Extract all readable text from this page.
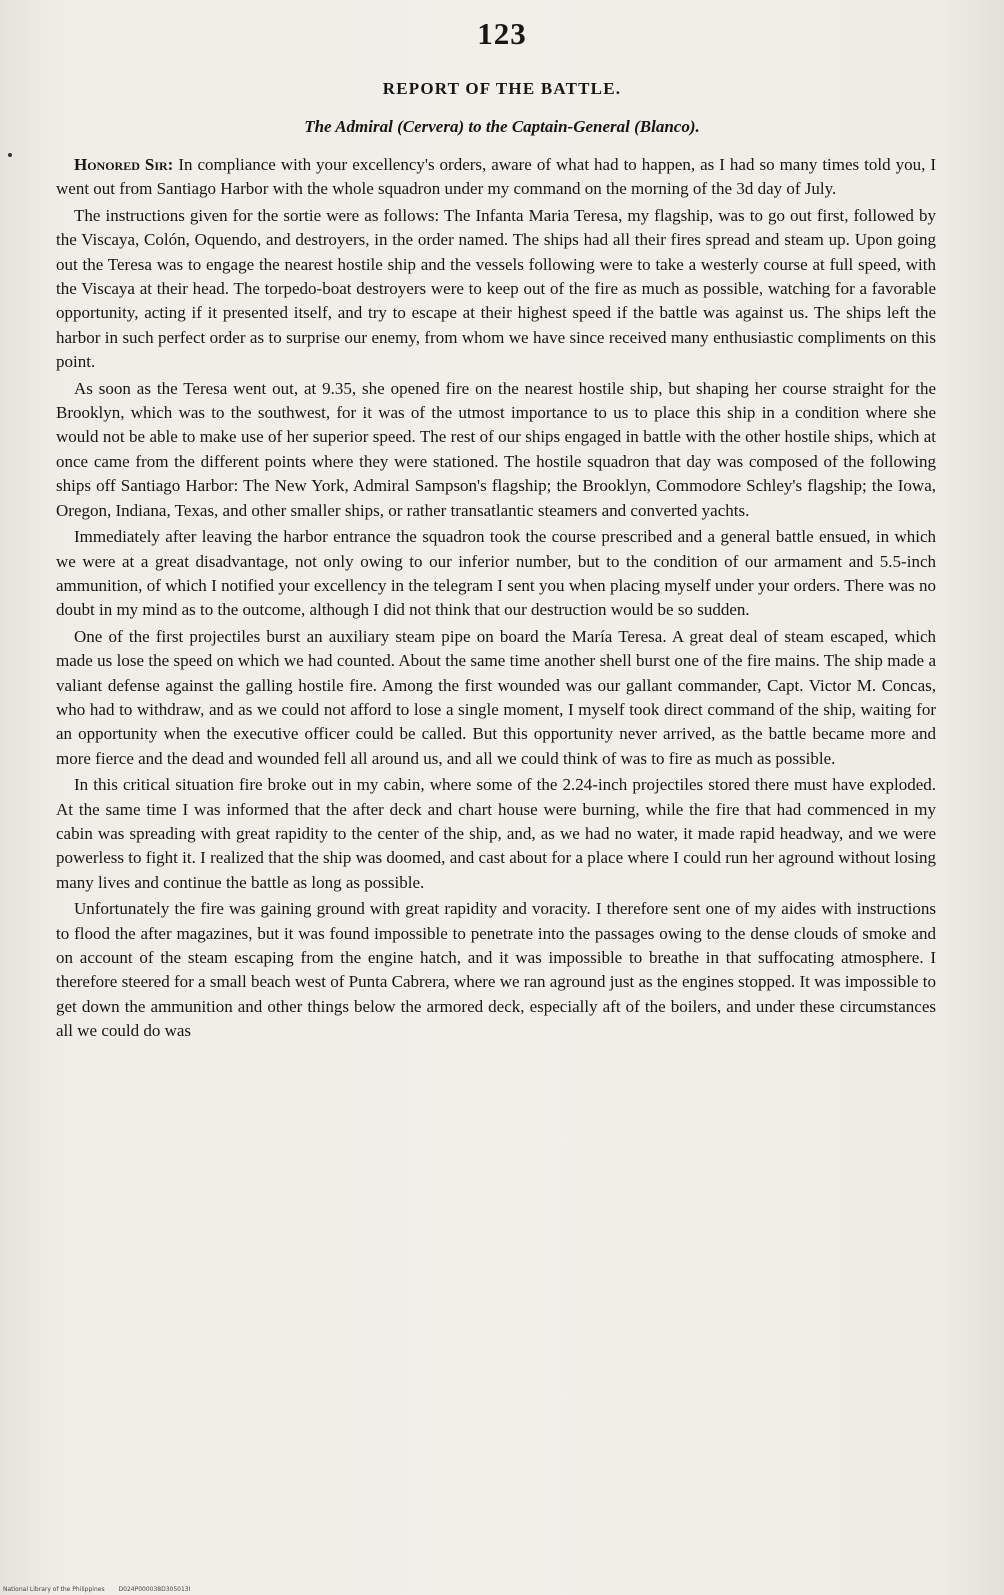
123
REPORT OF THE BATTLE.
The Admiral (Cervera) to the Captain-General (Blanco).

Honored Sir: In compliance with your excellency's orders, aware of what had to happen, as I had so many times told you, I went out from Santiago Harbor with the whole squadron under my command on the morning of the 3d day of July.

The instructions given for the sortie were as follows: The Infanta Maria Teresa, my flagship, was to go out first, followed by the Viscaya, Colón, Oquendo, and destroyers, in the order named. The ships had all their fires spread and steam up. Upon going out the Teresa was to engage the nearest hostile ship and the vessels following were to take a westerly course at full speed, with the Viscaya at their head. The torpedo-boat destroyers were to keep out of the fire as much as possible, watching for a favorable opportunity, acting if it presented itself, and try to escape at their highest speed if the battle was against us. The ships left the harbor in such perfect order as to surprise our enemy, from whom we have since received many enthusiastic compliments on this point.

As soon as the Teresa went out, at 9.35, she opened fire on the nearest hostile ship, but shaping her course straight for the Brooklyn, which was to the southwest, for it was of the utmost importance to us to place this ship in a condition where she would not be able to make use of her superior speed. The rest of our ships engaged in battle with the other hostile ships, which at once came from the different points where they were stationed. The hostile squadron that day was composed of the following ships off Santiago Harbor: The New York, Admiral Sampson's flagship; the Brooklyn, Commodore Schley's flagship; the Iowa, Oregon, Indiana, Texas, and other smaller ships, or rather transatlantic steamers and converted yachts.

Immediately after leaving the harbor entrance the squadron took the course prescribed and a general battle ensued, in which we were at a great disadvantage, not only owing to our inferior number, but to the condition of our armament and 5.5-inch ammunition, of which I notified your excellency in the telegram I sent you when placing myself under your orders. There was no doubt in my mind as to the outcome, although I did not think that our destruction would be so sudden.

One of the first projectiles burst an auxiliary steam pipe on board the María Teresa. A great deal of steam escaped, which made us lose the speed on which we had counted. About the same time another shell burst one of the fire mains. The ship made a valiant defense against the galling hostile fire. Among the first wounded was our gallant commander, Capt. Victor M. Concas, who had to withdraw, and as we could not afford to lose a single moment, I myself took direct command of the ship, waiting for an opportunity when the executive officer could be called. But this opportunity never arrived, as the battle became more and more fierce and the dead and wounded fell all around us, and all we could think of was to fire as much as possible.

In this critical situation fire broke out in my cabin, where some of the 2.24-inch projectiles stored there must have exploded. At the same time I was informed that the after deck and chart house were burning, while the fire that had commenced in my cabin was spreading with great rapidity to the center of the ship, and, as we had no water, it made rapid headway, and we were powerless to fight it. I realized that the ship was doomed, and cast about for a place where I could run her aground without losing many lives and continue the battle as long as possible.

Unfortunately the fire was gaining ground with great rapidity and voracity. I therefore sent one of my aides with instructions to flood the after magazines, but it was found impossible to penetrate into the passages owing to the dense clouds of smoke and on account of the steam escaping from the engine hatch, and it was impossible to breathe in that suffocating atmosphere. I therefore steered for a small beach west of Punta Cabrera, where we ran aground just as the engines stopped. It was impossible to get down the ammunition and other things below the armored deck, especially aft of the boilers, and under these circumstances all we could do was

National Library of the Philippines D024P000038D305013I
